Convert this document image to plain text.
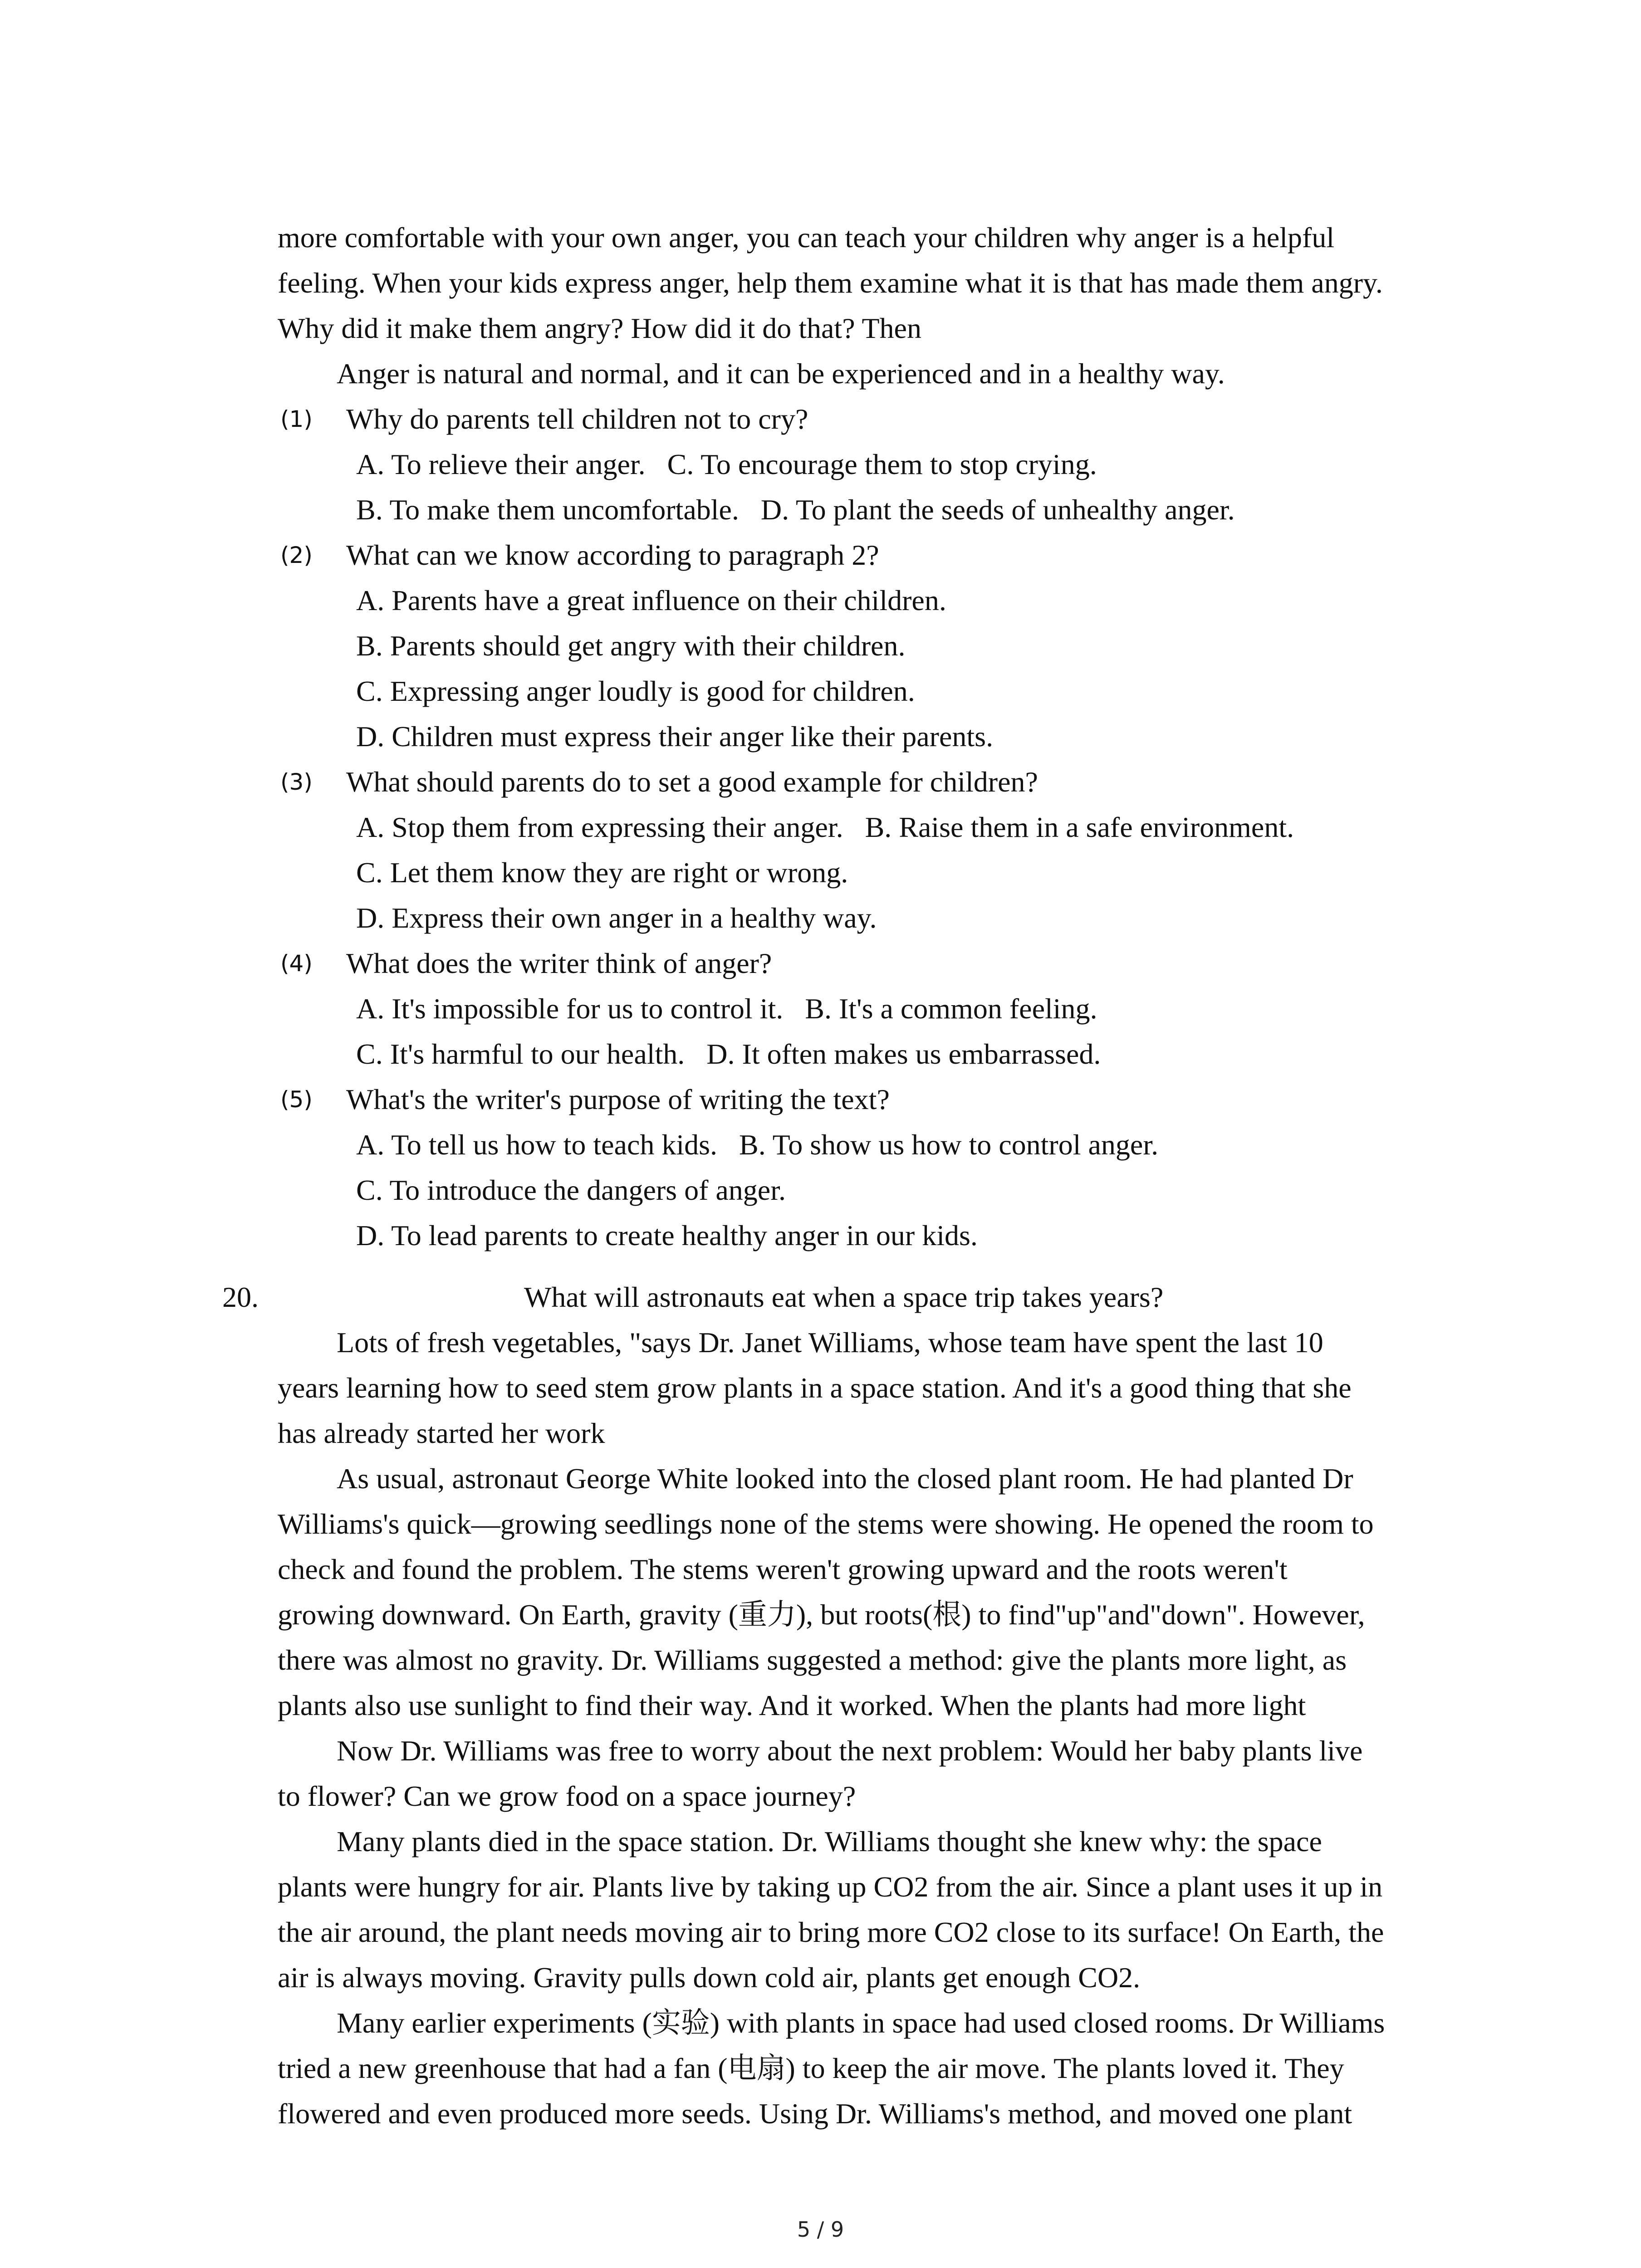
more comfortable with your own anger, you can teach your children why anger is a helpful
feeling. When your kids express anger, help them examine what it is that has made them angry.
Why did it make them angry? How did it do that? Then
Anger is natural and normal, and it can be experienced and in a healthy way.
(1) Why do parents tell children not to cry?
A. To relieve their anger.   C. To encourage them to stop crying.
B. To make them uncomfortable.   D. To plant the seeds of unhealthy anger.
(2) What can we know according to paragraph 2?
A. Parents have a great influence on their children.
B. Parents should get angry with their children.
C. Expressing anger loudly is good for children.
D. Children must express their anger like their parents.
(3) What should parents do to set a good example for children?
A. Stop them from expressing their anger.   B. Raise them in a safe environment.
C. Let them know they are right or wrong.
D. Express their own anger in a healthy way.
(4) What does the writer think of anger?
A. It's impossible for us to control it.   B. It's a common feeling.
C. It's harmful to our health.   D. It often makes us embarrassed.
(5) What's the writer's purpose of writing the text?
A. To tell us how to teach kids.   B. To show us how to control anger.
C. To introduce the dangers of anger.
D. To lead parents to create healthy anger in our kids.
20.	What will astronauts eat when a space trip takes years?
Lots of fresh vegetables, "says Dr. Janet Williams, whose team have spent the last 10
years learning how to seed stem grow plants in a space station. And it's a good thing that she
has already started her work
As usual, astronaut George White looked into the closed plant room. He had planted Dr
Williams's quick—growing seedlings none of the stems were showing. He opened the room to
check and found the problem. The stems weren't growing upward and the roots weren't
growing downward. On Earth, gravity (重力), but roots(根) to find"up"and"down". However,
there was almost no gravity. Dr. Williams suggested a method: give the plants more light, as
plants also use sunlight to find their way. And it worked. When the plants had more light
Now Dr. Williams was free to worry about the next problem: Would her baby plants live
to flower? Can we grow food on a space journey?
Many plants died in the space station. Dr. Williams thought she knew why: the space
plants were hungry for air. Plants live by taking up CO2 from the air. Since a plant uses it up in
the air around, the plant needs moving air to bring more CO2 close to its surface! On Earth, the
air is always moving. Gravity pulls down cold air, plants get enough CO2.
Many earlier experiments (实验) with plants in space had used closed rooms. Dr Williams
tried a new greenhouse that had a fan (电扇) to keep the air move. The plants loved it. They
flowered and even produced more seeds. Using Dr. Williams's method, and moved one plant
5 / 9
